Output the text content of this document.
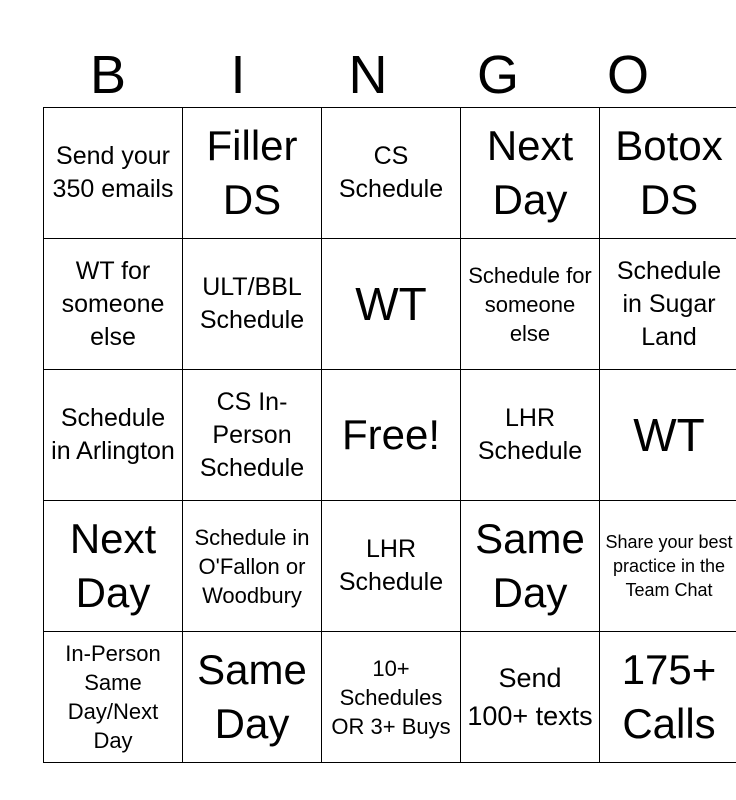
B	I	N	G	O
Send your 350 emails	Filler DS	CS Schedule	Next Day	Botox DS

WT for someone else	ULT/BBL Schedule	WT	Schedule for someone else	Schedule in Sugar Land

Schedule in Arlington	CS In-Person Schedule	Free!	LHR Schedule	WT

Next Day	Schedule in O'Fallon or Woodbury	LHR Schedule	Same Day	Share your best practice in the Team Chat

In-Person Same Day/Next Day	Same Day	10+ Schedules OR 3+ Buys	Send 100+ texts	175+ Calls
